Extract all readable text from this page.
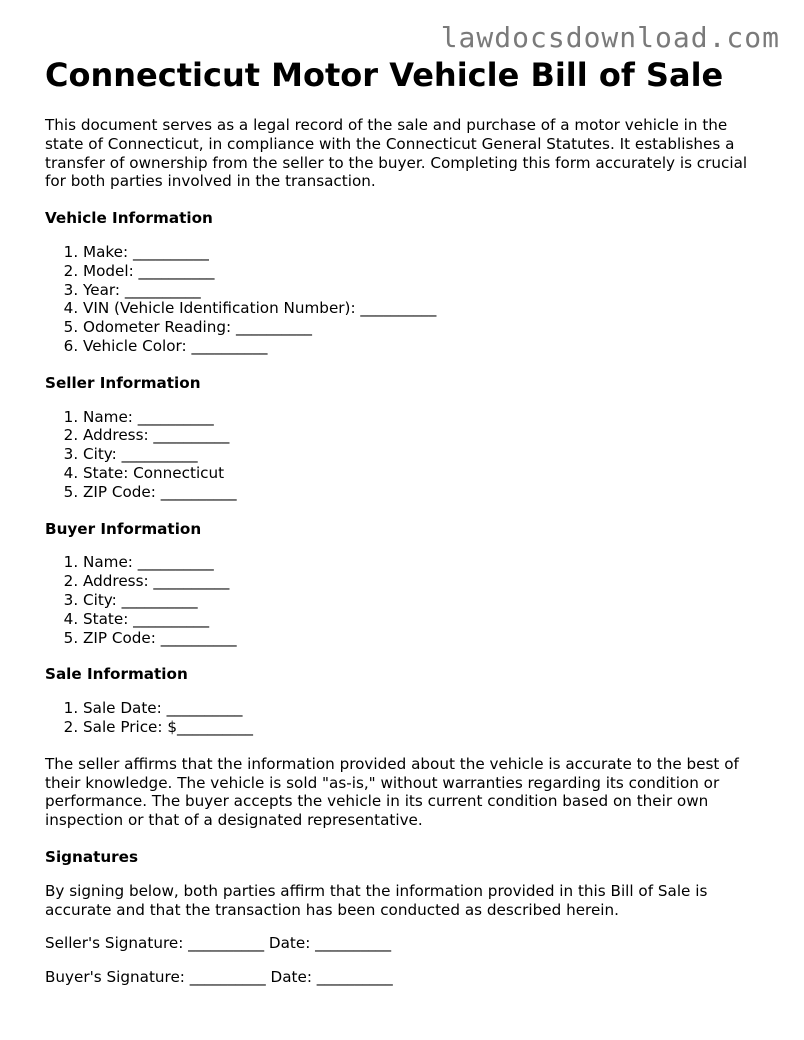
lawdocsdownload.com
Connecticut Motor Vehicle Bill of Sale

This document serves as a legal record of the sale and purchase of a motor vehicle in the state of Connecticut, in compliance with the Connecticut General Statutes. It establishes a transfer of ownership from the seller to the buyer. Completing this form accurately is crucial for both parties involved in the transaction.

Vehicle Information
1. Make: __________
2. Model: __________
3. Year: __________
4. VIN (Vehicle Identification Number): __________
5. Odometer Reading: __________
6. Vehicle Color: __________
Seller Information
1. Name: __________
2. Address: __________
3. City: __________
4. State: Connecticut
5. ZIP Code: __________
Buyer Information
1. Name: __________
2. Address: __________
3. City: __________
4. State: __________
5. ZIP Code: __________
Sale Information
1. Sale Date: __________
2. Sale Price: $__________

The seller affirms that the information provided about the vehicle is accurate to the best of their knowledge. The vehicle is sold "as-is," without warranties regarding its condition or performance. The buyer accepts the vehicle in its current condition based on their own inspection or that of a designated representative.

Signatures

By signing below, both parties affirm that the information provided in this Bill of Sale is accurate and that the transaction has been conducted as described herein.

Seller's Signature: __________ Date: __________
Buyer's Signature: __________ Date: __________
